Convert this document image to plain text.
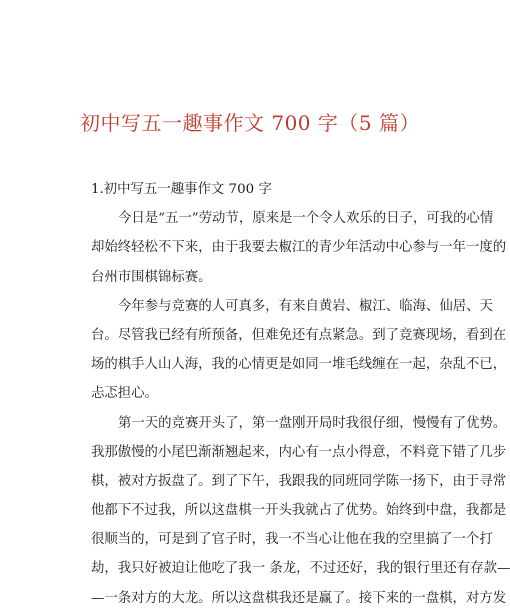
初中写五一趣事作文 700 字（5 篇）
1.初中写五一趣事作文 700 字
今日是“五一”劳动节，原来是一个令人欢乐的日子，可我的心情
却始终轻松不下来，由于我要去椒江的青少年活动中心参与一年一度的
台州市围棋锦标赛。
今年参与竞赛的人可真多，有来自黄岩、椒江、临海、仙居、天
台。尽管我已经有所预备，但难免还有点紧急。到了竞赛现场，看到在
场的棋手人山人海，我的心情更是如同一堆毛线缠在一起，杂乱不已，
忐忑担心。
第一天的竞赛开头了，第一盘刚开局时我很仔细，慢慢有了优势。
我那傲慢的小尾巴渐渐翘起来，内心有一点小得意，不料竟下错了几步
棋，被对方扳盘了。到了下午，我跟我的同班同学陈一扬下，由于寻常
他都下不过我，所以这盘棋一开头我就占了优势。始终到中盘，我都是
很顺当的，可是到了官子时，我一不当心让他在我的空里搞了一个打
劫，我只好被迫让他吃了我一 条龙，不过还好，我的银行里还有存款—
—一条对方的大龙。所以这盘棋我还是赢了。接下来的一盘棋，对方发
